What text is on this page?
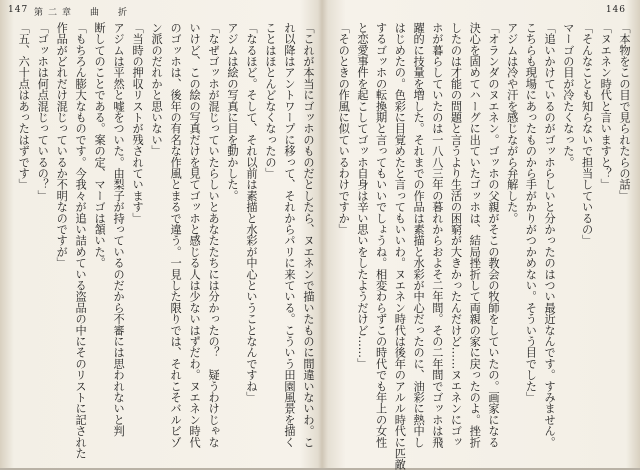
147 第二章　曲　折
「これが本当にゴッホのものだとしたら、ヌエネンで描いたものに間違いないわ。こ
れ以降はアントワープに移って、それからパリに来ている。こういう田園風景を描く
ことはほとんどなくなったの」
「なるほど。そして、それ以前は素描と水彩が中心ということなんですね」
アジムは絵の写真に目を動かした。
「なぜゴッホが混じっていたらしいとあなたたちには分かったの？　疑うわけじゃな
いけど、この絵の写真だけを見てゴッホと感じる人は少ないはずだわ。ヌエネン時代
のゴッホは、後年の有名な作風とまるで違う。一見した限りでは、それこそバルビゾ
ン派のだれかと思いない」
「当時の押収リストが残されています」
アジムは平然と嘘をついた。由梨子が持っているのだから不審には思われないと判
断してのことである。案の定、マーゴは頷いた。
「もちろん膨大なものです。今我々が追い詰めている盗品の中にそのリストに記された
作品がどれだけ混じっているか不明なのですが」
「ゴッホは何点混じっているの？」
「五、六十点はあったはずです」
146
「本物をこの目で見られたらの話」
「ヌエネン時代と言いますと？」
「そんなことも知らないで担当しているの」
マーゴの目が冷たくなった。
「追いかけているのがゴッホらしいと分かったのはつい最近なんです。すみません。
こちらも現場にあったものから手がかりがつかめない。そういう目でした」
アジムは冷や汗を感じながら弁解した。
「オランダのヌエネン。ゴッホの父親がそこの教会の牧師をしていたの。画家になる
決心を固めてハーグに出ていたゴッホは、結局挫折して両親の家に戻ったのよ。挫折
したのは才能の問題と言うより生活の困窮が大きかったんだけど……ヌエネンにゴッ
ホが暮らしていたのは一八八三年の暮れからおよそ二年間。その二年間でゴッホは飛
躍的に技量を増した。それまでの作品は素描と水彩が中心だったのに、油彩に熱中し
はじめたの。色彩に目覚めたと言ってもいいわ。ヌエネン時代は後年のアルル時代に匹敵
するゴッホの転換期と言ってもいいでしょうね。相変わらずこの時代でも年上の女性
と恋愛事件を起こしてゴッホ自身は辛い思いをしたようだけど……」
「そのときの作風に似ているわけですか」
